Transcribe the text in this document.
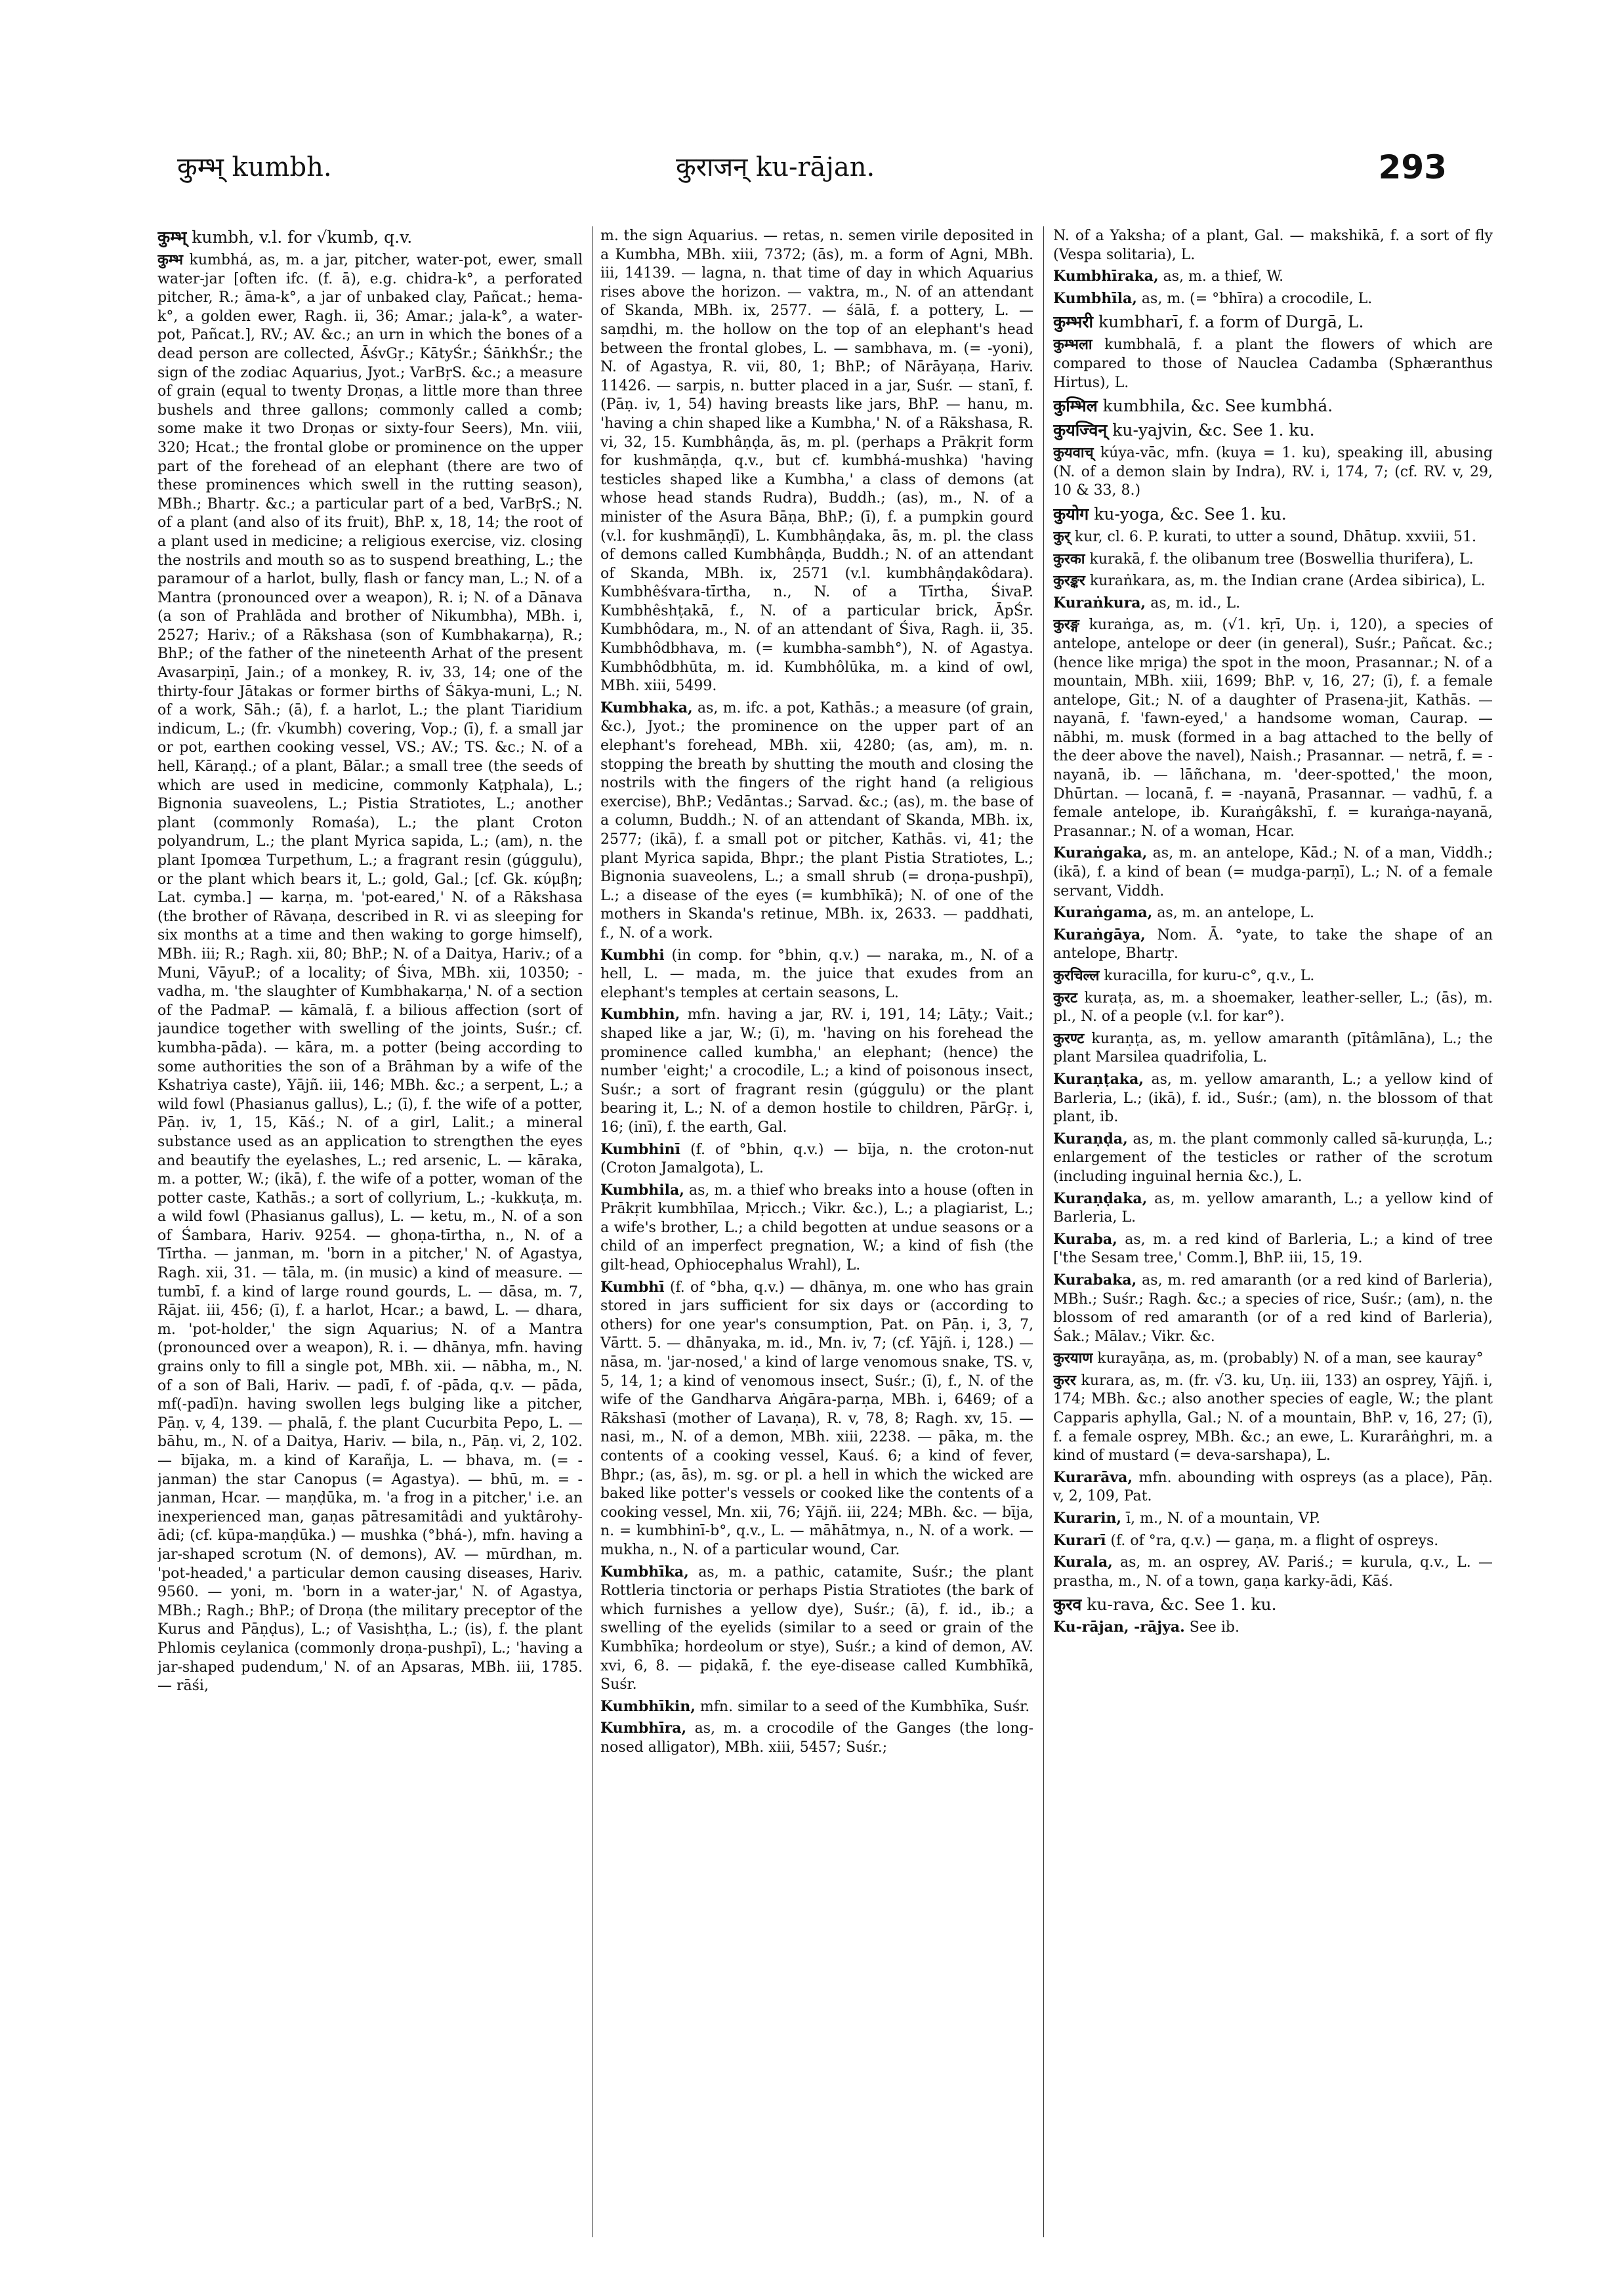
कुम्भ् kumbh.	कुराजन् ku-rājan.	293

कुम्भ् kumbh, v.l. for √kumb, q.v.

कुम्भ kumbhá, as, m. a jar, pitcher, water-pot, ewer, small water-jar [often ifc. (f. ā), e.g. chidra-k°, a perforated pitcher, R.; āma-k°, a jar of unbaked clay, Pañcat.; hema-k°, a golden ewer, Ragh. ii, 36; Amar.; jala-k°, a water-pot, Pañcat.], RV.; AV. &c.; an urn in which the bones of a dead person are collected, ĀśvGṛ.; KātyŚr.; ŚāṅkhŚr.; the sign of the zodiac Aquarius, Jyot.; VarBṛS. &c.; a measure of grain (equal to twenty Droṇas, a little more than three bushels and three gallons; commonly called a comb; some make it two Droṇas or sixty-four Seers), Mn. viii, 320; Hcat.; the frontal globe or prominence on the upper part of the forehead of an elephant (there are two of these prominences which swell in the rutting season), MBh.; Bhartṛ. &c.; a particular part of a bed, VarBṛS.; N. of a plant (and also of its fruit), BhP. x, 18, 14; the root of a plant used in medicine; a religious exercise, viz. closing the nostrils and mouth so as to suspend breathing, L.; the paramour of a harlot, bully, flash or fancy man, L.; N. of a Mantra (pronounced over a weapon), R. i; N. of a Dānava (a son of Prahlāda and brother of Nikumbha), MBh. i, 2527; Hariv.; of a Rākshasa (son of Kumbhakarṇa), R.; BhP.; of the father of the nineteenth Arhat of the present Avasarpiṇī, Jain.; of a monkey, R. iv, 33, 14; one of the thirty-four Jātakas or former births of Śākya-muni, L.; N. of a work, Sāh.; (ā), f. a harlot, L.; the plant Tiaridium indicum, L.; (fr. √kumbh) covering, Vop.; (ī), f. a small jar or pot, earthen cooking vessel, VS.; AV.; TS. &c.; N. of a hell, Kāraṇḍ.; of a plant, Bālar.; a small tree (the seeds of which are used in medicine, commonly Kaṭphala), L.; Bignonia suaveolens, L.; Pistia Stratiotes, L.; another plant (commonly Romaśa), L.; the plant Croton polyandrum, L.; the plant Myrica sapida, L.; (am), n. the plant Ipomœa Turpethum, L.; a fragrant resin (gúggulu), or the plant which bears it, L.; gold, Gal.; [cf. Gk. κύμβη; Lat. cymba.] — karṇa, m. 'pot-eared,' N. of a Rākshasa (the brother of Rāvaṇa, described in R. vi as sleeping for six months at a time and then waking to gorge himself), MBh. iii; R.; Ragh. xii, 80; BhP.; N. of a Daitya, Hariv.; of a Muni, VāyuP.; of a locality; of Śiva, MBh. xii, 10350; -vadha, m. 'the slaughter of Kumbhakarṇa,' N. of a section of the PadmaP. — kāmalā, f. a bilious affection (sort of jaundice together with swelling of the joints, Suśr.; cf. kumbha-pāda). — kāra, m. a potter (being according to some authorities the son of a Brāhman by a wife of the Kshatriya caste), Yājñ. iii, 146; MBh. &c.; a serpent, L.; a wild fowl (Phasianus gallus), L.; (ī), f. the wife of a potter, Pāṇ. iv, 1, 15, Kāś.; N. of a girl, Lalit.; a mineral substance used as an application to strengthen the eyes and beautify the eyelashes, L.; red arsenic, L. — kāraka, m. a potter, W.; (ikā), f. the wife of a potter, woman of the potter caste, Kathās.; a sort of collyrium, L.; -kukkuṭa, m. a wild fowl (Phasianus gallus), L. — ketu, m., N. of a son of Śambara, Hariv. 9254. — ghoṇa-tīrtha, n., N. of a Tīrtha. — janman, m. 'born in a pitcher,' N. of Agastya, Ragh. xii, 31. — tāla, m. (in music) a kind of measure. — tumbī, f. a kind of large round gourds, L. — dāsa, m. 7, Rājat. iii, 456; (ī), f. a harlot, Hcar.; a bawd, L. — dhara, m. 'pot-holder,' the sign Aquarius; N. of a Mantra (pronounced over a weapon), R. i. — dhānya, mfn. having grains only to fill a single pot, MBh. xii. — nābha, m., N. of a son of Bali, Hariv. — padī, f. of -pāda, q.v. — pāda, mf(-padī)n. having swollen legs bulging like a pitcher, Pāṇ. v, 4, 139. — phalā, f. the plant Cucurbita Pepo, L. — bāhu, m., N. of a Daitya, Hariv. — bila, n., Pāṇ. vi, 2, 102. — bījaka, m. a kind of Karañja, L. — bhava, m. (= -janman) the star Canopus (= Agastya). — bhū, m. = -janman, Hcar. — maṇḍūka, m. 'a frog in a pitcher,' i.e. an inexperienced man, gaṇas pātresamitâdi and yuktârohy-ādi; (cf. kūpa-maṇḍūka.) — mushka (°bhá-), mfn. having a jar-shaped scrotum (N. of demons), AV. — mūrdhan, m. 'pot-headed,' a particular demon causing diseases, Hariv. 9560. — yoni, m. 'born in a water-jar,' N. of Agastya, MBh.; Ragh.; BhP.; of Droṇa (the military preceptor of the Kurus and Pāṇḍus), L.; of Vasishṭha, L.; (is), f. the plant Phlomis ceylanica (commonly droṇa-pushpī), L.; 'having a jar-shaped pudendum,' N. of an Apsaras, MBh. iii, 1785. — rāśi,

m. the sign Aquarius. — retas, n. semen virile deposited in a Kumbha, MBh. xiii, 7372; (ās), m. a form of Agni, MBh. iii, 14139. — lagna, n. that time of day in which Aquarius rises above the horizon. — vaktra, m., N. of an attendant of Skanda, MBh. ix, 2577. — śālā, f. a pottery, L. — saṃdhi, m. the hollow on the top of an elephant's head between the frontal globes, L. — sambhava, m. (= -yoni), N. of Agastya, R. vii, 80, 1; BhP.; of Nārāyaṇa, Hariv. 11426. — sarpis, n. butter placed in a jar, Suśr. — stanī, f. (Pāṇ. iv, 1, 54) having breasts like jars, BhP. — hanu, m. 'having a chin shaped like a Kumbha,' N. of a Rākshasa, R. vi, 32, 15. Kumbhâṇḍa, ās, m. pl. (perhaps a Prākṛit form for kushmāṇḍa, q.v., but cf. kumbhá-mushka) 'having testicles shaped like a Kumbha,' a class of demons (at whose head stands Rudra), Buddh.; (as), m., N. of a minister of the Asura Bāṇa, BhP.; (ī), f. a pumpkin gourd (v.l. for kushmāṇḍī), L. Kumbhâṇḍaka, ās, m. pl. the class of demons called Kumbhâṇḍa, Buddh.; N. of an attendant of Skanda, MBh. ix, 2571 (v.l. kumbhâṇḍakôdara). Kumbhêśvara-tīrtha, n., N. of a Tīrtha, ŚivaP. Kumbhêshṭakā, f., N. of a particular brick, ĀpŚr. Kumbhôdara, m., N. of an attendant of Śiva, Ragh. ii, 35. Kumbhôdbhava, m. (= kumbha-sambh°), N. of Agastya. Kumbhôdbhūta, m. id. Kumbhôlūka, m. a kind of owl, MBh. xiii, 5499.

Kumbhaka, as, m. ifc. a pot, Kathās.; a measure (of grain, &c.), Jyot.; the prominence on the upper part of an elephant's forehead, MBh. xii, 4280; (as, am), m. n. stopping the breath by shutting the mouth and closing the nostrils with the fingers of the right hand (a religious exercise), BhP.; Vedāntas.; Sarvad. &c.; (as), m. the base of a column, Buddh.; N. of an attendant of Skanda, MBh. ix, 2577; (ikā), f. a small pot or pitcher, Kathās. vi, 41; the plant Myrica sapida, Bhpr.; the plant Pistia Stratiotes, L.; Bignonia suaveolens, L.; a small shrub (= droṇa-pushpī), L.; a disease of the eyes (= kumbhīkā); N. of one of the mothers in Skanda's retinue, MBh. ix, 2633. — paddhati, f., N. of a work.

Kumbhi (in comp. for °bhin, q.v.) — naraka, m., N. of a hell, L. — mada, m. the juice that exudes from an elephant's temples at certain seasons, L.

Kumbhin, mfn. having a jar, RV. i, 191, 14; Lāṭy.; Vait.; shaped like a jar, W.; (ī), m. 'having on his forehead the prominence called kumbha,' an elephant; (hence) the number 'eight;' a crocodile, L.; a kind of poisonous insect, Suśr.; a sort of fragrant resin (gúggulu) or the plant bearing it, L.; N. of a demon hostile to children, PārGṛ. i, 16; (inī), f. the earth, Gal.

Kumbhinī (f. of °bhin, q.v.) — bīja, n. the croton-nut (Croton Jamalgota), L.

Kumbhila, as, m. a thief who breaks into a house (often in Prākṛit kumbhīlaa, Mṛicch.; Vikr. &c.), L.; a plagiarist, L.; a wife's brother, L.; a child begotten at undue seasons or a child of an imperfect pregnation, W.; a kind of fish (the gilt-head, Ophiocephalus Wrahl), L.

Kumbhī (f. of °bha, q.v.) — dhānya, m. one who has grain stored in jars sufficient for six days or (according to others) for one year's consumption, Pat. on Pāṇ. i, 3, 7, Vārtt. 5. — dhānyaka, m. id., Mn. iv, 7; (cf. Yājñ. i, 128.) — nāsa, m. 'jar-nosed,' a kind of large venomous snake, TS. v, 5, 14, 1; a kind of venomous insect, Suśr.; (ī), f., N. of the wife of the Gandharva Aṅgāra-parṇa, MBh. i, 6469; of a Rākshasī (mother of Lavaṇa), R. v, 78, 8; Ragh. xv, 15. — nasi, m., N. of a demon, MBh. xiii, 2238. — pāka, m. the contents of a cooking vessel, Kauś. 6; a kind of fever, Bhpr.; (as, ās), m. sg. or pl. a hell in which the wicked are baked like potter's vessels or cooked like the contents of a cooking vessel, Mn. xii, 76; Yājñ. iii, 224; MBh. &c. — bīja, n. = kumbhinī-b°, q.v., L. — māhātmya, n., N. of a work. — mukha, n., N. of a particular wound, Car.

Kumbhīka, as, m. a pathic, catamite, Suśr.; the plant Rottleria tinctoria or perhaps Pistia Stratiotes (the bark of which furnishes a yellow dye), Suśr.; (ā), f. id., ib.; a swelling of the eyelids (similar to a seed or grain of the Kumbhīka; hordeolum or stye), Suśr.; a kind of demon, AV. xvi, 6, 8. — piḍakā, f. the eye-disease called Kumbhīkā, Suśr.

Kumbhīkin, mfn. similar to a seed of the Kumbhīka, Suśr.

Kumbhīra, as, m. a crocodile of the Ganges (the long-nosed alligator), MBh. xiii, 5457; Suśr.;

N. of a Yaksha; of a plant, Gal. — makshikā, f. a sort of fly (Vespa solitaria), L.

Kumbhīraka, as, m. a thief, W.

Kumbhīla, as, m. (= °bhīra) a crocodile, L.

कुम्भरी kumbharī, f. a form of Durgā, L.

कुम्भला kumbhalā, f. a plant the flowers of which are compared to those of Nauclea Cadamba (Sphæranthus Hirtus), L.

कुम्भिल kumbhila, &c. See kumbhá.

कुयज्विन् ku-yajvin, &c. See 1. ku.

कुयवाच् kúya-vāc, mfn. (kuya = 1. ku), speaking ill, abusing (N. of a demon slain by Indra), RV. i, 174, 7; (cf. RV. v, 29, 10 & 33, 8.)

कुयोग ku-yoga, &c. See 1. ku.

कुर् kur, cl. 6. P. kurati, to utter a sound, Dhātup. xxviii, 51.

कुरका kurakā, f. the olibanum tree (Boswellia thurifera), L.

कुरङ्कर kuraṅkara, as, m. the Indian crane (Ardea sibirica), L.

Kuraṅkura, as, m. id., L.

कुरङ्ग kuraṅga, as, m. (√1. kṛī, Uṇ. i, 120), a species of antelope, antelope or deer (in general), Suśr.; Pañcat. &c.; (hence like mṛiga) the spot in the moon, Prasannar.; N. of a mountain, MBh. xiii, 1699; BhP. v, 16, 27; (ī), f. a female antelope, Git.; N. of a daughter of Prasena-jit, Kathās. — nayanā, f. 'fawn-eyed,' a handsome woman, Caurap. — nābhi, m. musk (formed in a bag attached to the belly of the deer above the navel), Naish.; Prasannar. — netrā, f. = -nayanā, ib. — lāñchana, m. 'deer-spotted,' the moon, Dhūrtan. — locanā, f. = -nayanā, Prasannar. — vadhū, f. a female antelope, ib. Kuraṅgâkshī, f. = kuraṅga-nayanā, Prasannar.; N. of a woman, Hcar.

Kuraṅgaka, as, m. an antelope, Kād.; N. of a man, Viddh.; (ikā), f. a kind of bean (= mudga-parṇī), L.; N. of a female servant, Viddh.

Kuraṅgama, as, m. an antelope, L.

Kuraṅgāya, Nom. Ā. °yate, to take the shape of an antelope, Bhartṛ.

कुरचिल्ल kuracilla, for kuru-c°, q.v., L.

कुरट kuraṭa, as, m. a shoemaker, leather-seller, L.; (ās), m. pl., N. of a people (v.l. for kar°).

कुरण्ट kuraṇṭa, as, m. yellow amaranth (pītâmlāna), L.; the plant Marsilea quadrifolia, L.

Kuraṇṭaka, as, m. yellow amaranth, L.; a yellow kind of Barleria, L.; (ikā), f. id., Suśr.; (am), n. the blossom of that plant, ib.

Kuraṇḍa, as, m. the plant commonly called sā-kuruṇḍa, L.; enlargement of the testicles or rather of the scrotum (including inguinal hernia &c.), L.

Kuraṇḍaka, as, m. yellow amaranth, L.; a yellow kind of Barleria, L.

Kuraba, as, m. a red kind of Barleria, L.; a kind of tree ['the Sesam tree,' Comm.], BhP. iii, 15, 19.

Kurabaka, as, m. red amaranth (or a red kind of Barleria), MBh.; Suśr.; Ragh. &c.; a species of rice, Suśr.; (am), n. the blossom of red amaranth (or of a red kind of Barleria), Śak.; Mālav.; Vikr. &c.

कुरयाण kurayāṇa, as, m. (probably) N. of a man, see kauray°

कुरर kurara, as, m. (fr. √3. ku, Uṇ. iii, 133) an osprey, Yājñ. i, 174; MBh. &c.; also another species of eagle, W.; the plant Capparis aphylla, Gal.; N. of a mountain, BhP. v, 16, 27; (ī), f. a female osprey, MBh. &c.; an ewe, L. Kurarâṅghri, m. a kind of mustard (= deva-sarshapa), L.

Kurarāva, mfn. abounding with ospreys (as a place), Pāṇ. v, 2, 109, Pat.

Kurarin, ī, m., N. of a mountain, VP.

Kurarī (f. of °ra, q.v.) — gaṇa, m. a flight of ospreys.

Kurala, as, m. an osprey, AV. Pariś.; = kurula, q.v., L. — prastha, m., N. of a town, gaṇa karky-ādi, Kāś.

कुरव ku-rava, &c. See 1. ku.

Ku-rājan, -rājya. See ib.
